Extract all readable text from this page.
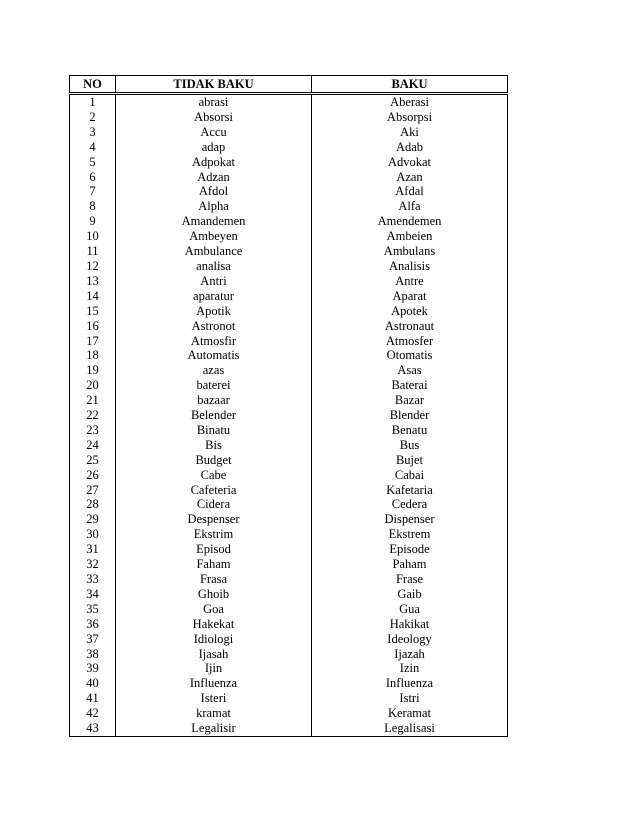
NO	TIDAK BAKU	BAKU
1	abrasi	Aberasi
2	Absorsi	Absorpsi
3	Accu	Aki
4	adap	Adab
5	Adpokat	Advokat
6	Adzan	Azan
7	Afdol	Afdal
8	Alpha	Alfa
9	Amandemen	Amendemen
10	Ambeyen	Ambeien
11	Ambulance	Ambulans
12	analisa	Analisis
13	Antri	Antre
14	aparatur	Aparat
15	Apotik	Apotek
16	Astronot	Astronaut
17	Atmosfir	Atmosfer
18	Automatis	Otomatis
19	azas	Asas
20	baterei	Baterai
21	bazaar	Bazar
22	Belender	Blender
23	Binatu	Benatu
24	Bis	Bus
25	Budget	Bujet
26	Cabe	Cabai
27	Cafeteria	Kafetaria
28	Cidera	Cedera
29	Despenser	Dispenser
30	Ekstrim	Ekstrem
31	Episod	Episode
32	Faham	Paham
33	Frasa	Frase
34	Ghoib	Gaib
35	Goa	Gua
36	Hakekat	Hakikat
37	Idiologi	Ideology
38	Ijasah	Ijazah
39	Ijin	Izin
40	Influenza	Influenza
41	Isteri	Istri
42	kramat	Keramat
43	Legalisir	Legalisasi
